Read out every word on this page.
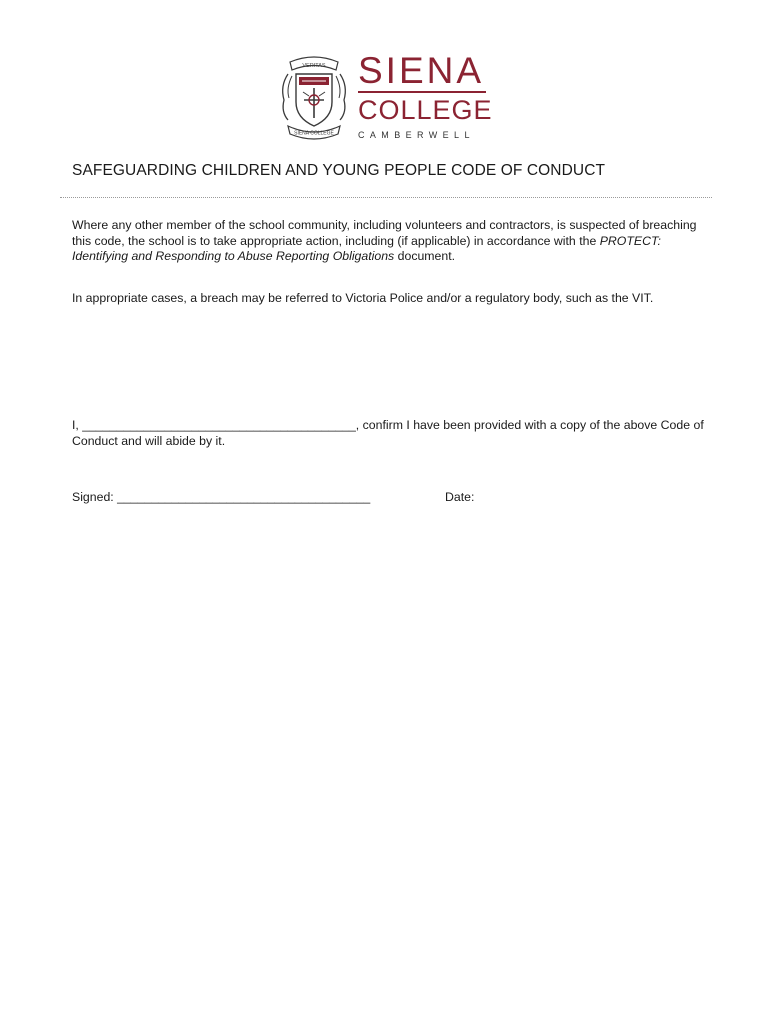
VERITAS
SIENA COLLEGE
SIENA
COLLEGE
CAMBERWELL
SAFEGUARDING CHILDREN AND YOUNG PEOPLE CODE OF CONDUCT

Where any other member of the school community, including volunteers and contractors, is suspected of breaching this code, the school is to take appropriate action, including (if applicable) in accordance with the PROTECT: Identifying and Responding to Abuse Reporting Obligations document.

In appropriate cases, a breach may be referred to Victoria Police and/or a regulatory body, such as the VIT.

I, ________________________________________, confirm I have been provided with a copy of the above Code of Conduct and will abide by it.

Signed: _____________________________________	Date:
